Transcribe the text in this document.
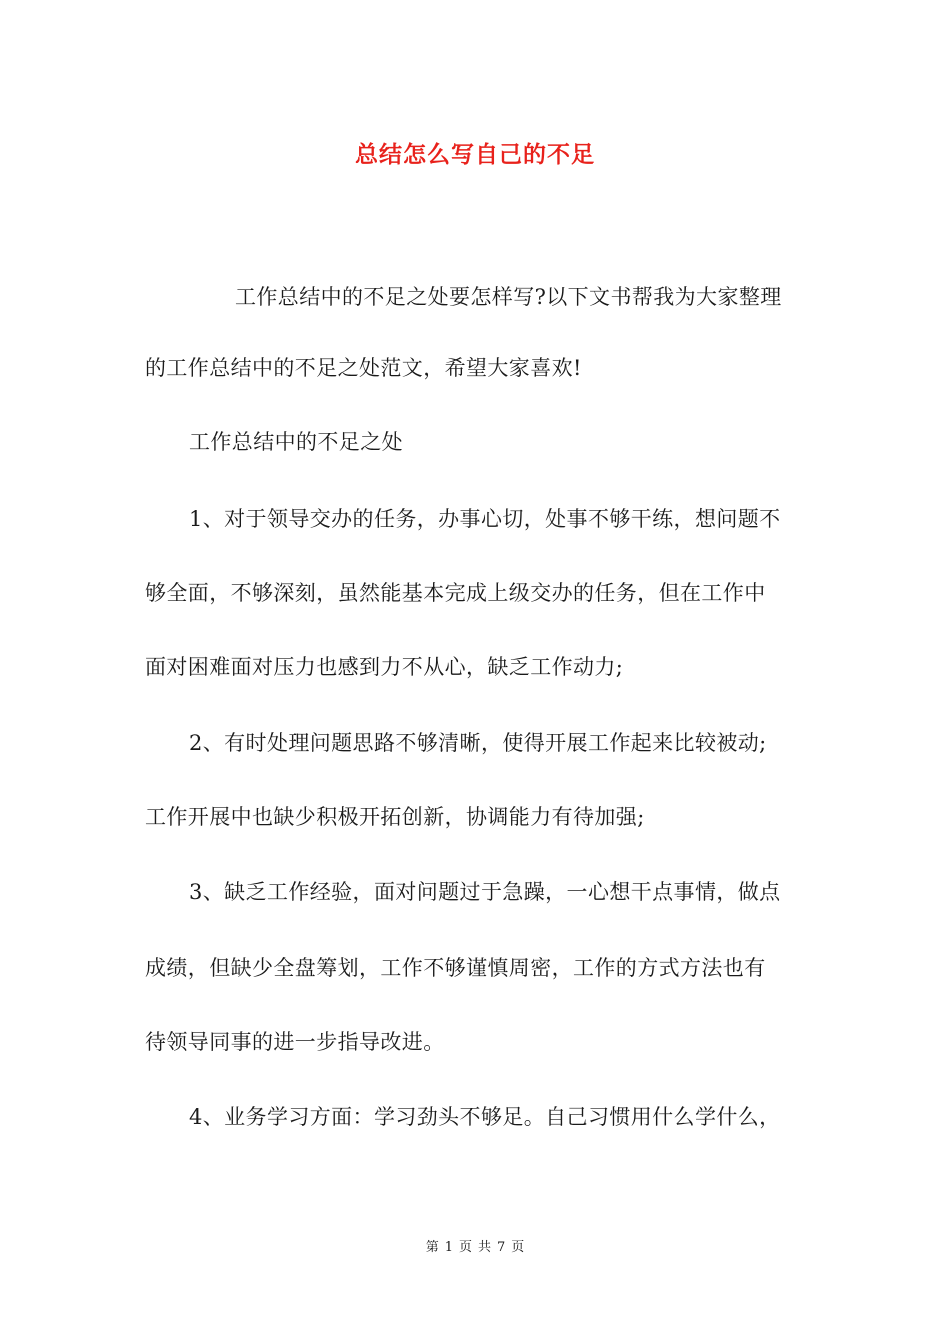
总结怎么写自己的不足
工作总结中的不足之处要怎样写?以下文书帮我为大家整理
的工作总结中的不足之处范文，希望大家喜欢!
工作总结中的不足之处
1、对于领导交办的任务，办事心切，处事不够干练，想问题不
够全面，不够深刻，虽然能基本完成上级交办的任务，但在工作中
面对困难面对压力也感到力不从心，缺乏工作动力;
2、有时处理问题思路不够清晰，使得开展工作起来比较被动;
工作开展中也缺少积极开拓创新，协调能力有待加强;
3、缺乏工作经验，面对问题过于急躁，一心想干点事情，做点
成绩，但缺少全盘筹划，工作不够谨慎周密，工作的方式方法也有
待领导同事的进一步指导改进。
4、业务学习方面：学习劲头不够足。自己习惯用什么学什么，
第 1 页 共 7 页
